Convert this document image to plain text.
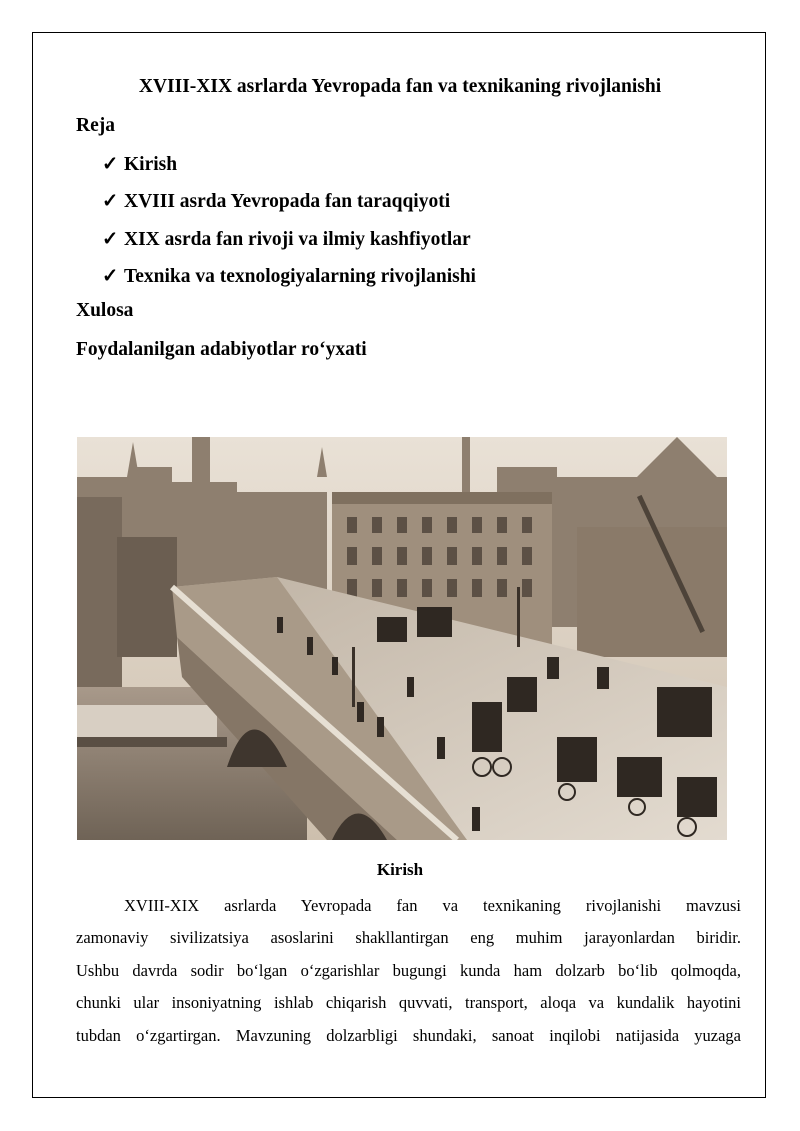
XVIII-XIX asrlarda Yevropada fan va texnikaning rivojlanishi
Reja
✓ Kirish
✓ XVIII asrda Yevropada fan taraqqiyoti
✓ XIX asrda fan rivoji va ilmiy kashfiyotlar
✓ Texnika va texnologiyalarning rivojlanishi
Xulosa
Foydalanilgan adabiyotlar ro‘yxati
Kirish
XVIII-XIX asrlarda Yevropada fan va texnikaning rivojlanishi mavzusi
zamonaviy sivilizatsiya asoslarini shakllantirgan eng muhim jarayonlardan biridir.
Ushbu davrda sodir bo‘lgan o‘zgarishlar bugungi kunda ham dolzarb bo‘lib qolmoqda,
chunki ular insoniyatning ishlab chiqarish quvvati, transport, aloqa va kundalik hayotini
tubdan o‘zgartirgan. Mavzuning dolzarbligi shundaki, sanoat inqilobi natijasida yuzaga
